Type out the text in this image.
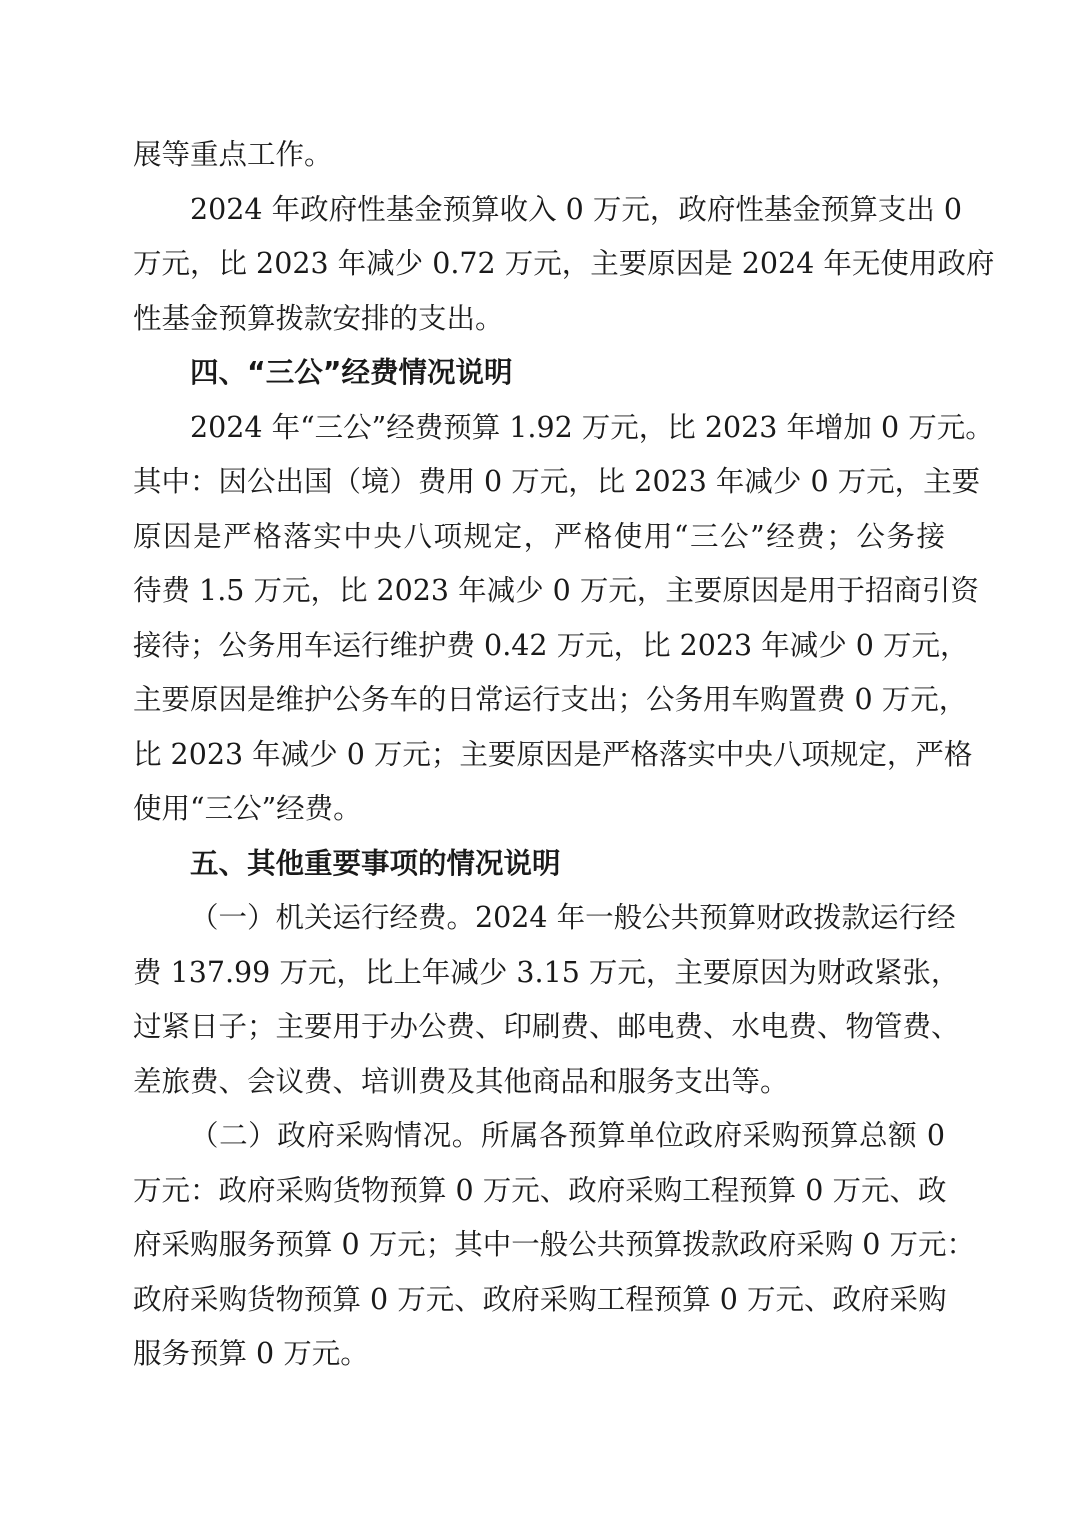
展等重点工作。
2024 年政府性基金预算收入 0 万元，政府性基金预算支出 0
万元，比 2023 年减少 0.72 万元，主要原因是 2024 年无使用政府
性基金预算拨款安排的支出。
四、“三公”经费情况说明
2024 年“三公”经费预算 1.92 万元，比 2023 年增加 0 万元。
其中：因公出国（境）费用 0 万元，比 2023 年减少 0 万元，主要
原因是严格落实中央八项规定，严格使用“三公”经费；公务接
待费 1.5 万元，比 2023 年减少 0 万元，主要原因是用于招商引资
接待；公务用车运行维护费 0.42 万元，比 2023 年减少 0 万元，
主要原因是维护公务车的日常运行支出；公务用车购置费 0 万元，
比 2023 年减少 0 万元；主要原因是严格落实中央八项规定，严格
使用“三公”经费。
五、其他重要事项的情况说明
（一）机关运行经费。2024 年一般公共预算财政拨款运行经
费 137.99 万元，比上年减少 3.15 万元，主要原因为财政紧张，
过紧日子；主要用于办公费、印刷费、邮电费、水电费、物管费、
差旅费、会议费、培训费及其他商品和服务支出等。
（二）政府采购情况。所属各预算单位政府采购预算总额 0
万元：政府采购货物预算 0 万元、政府采购工程预算 0 万元、政
府采购服务预算 0 万元；其中一般公共预算拨款政府采购 0 万元：
政府采购货物预算 0 万元、政府采购工程预算 0 万元、政府采购
服务预算 0 万元。
